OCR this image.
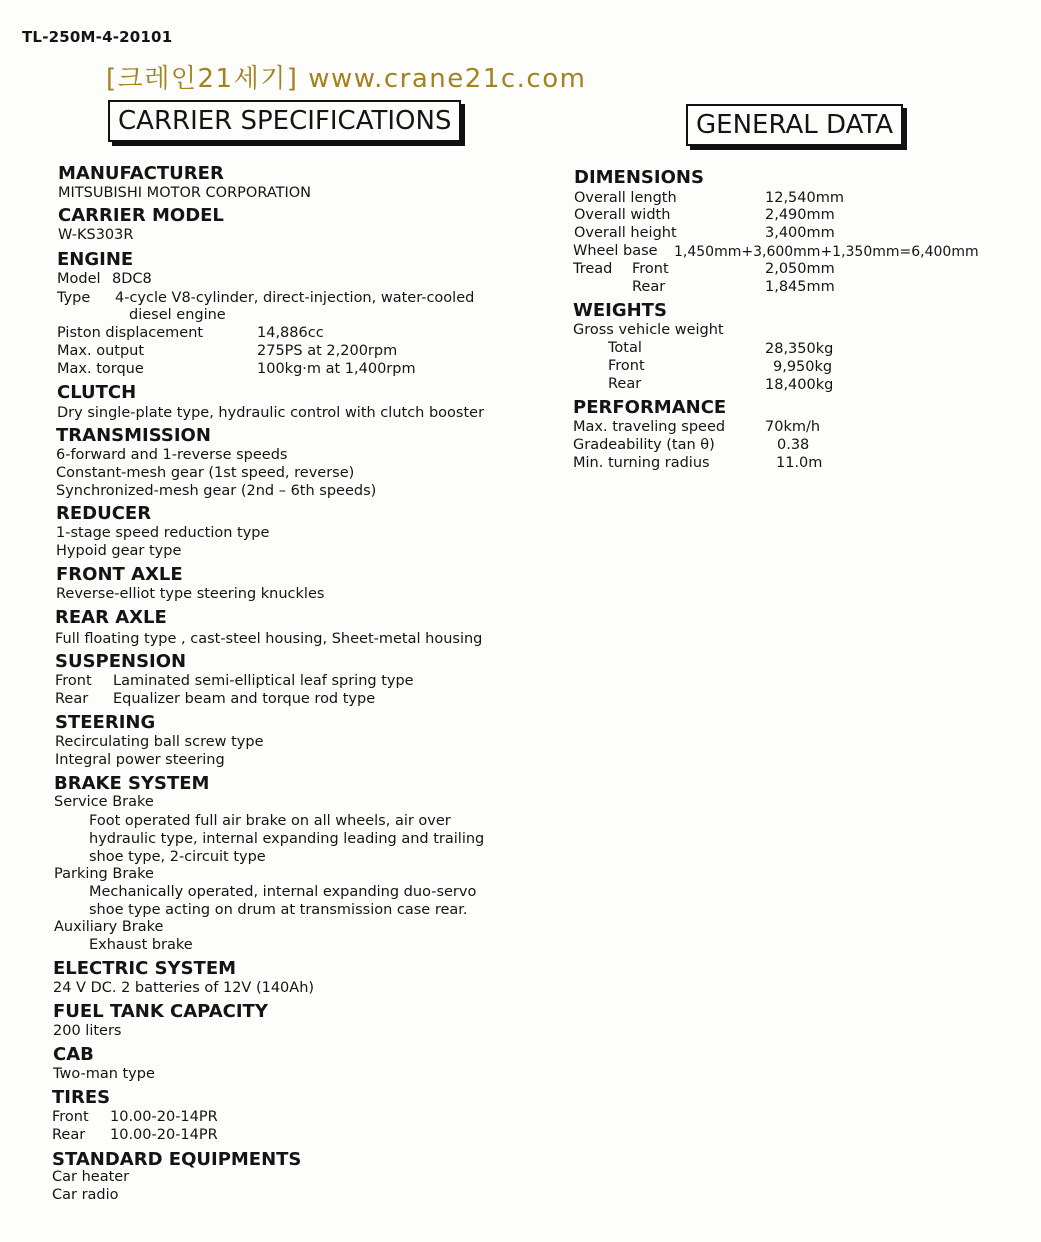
TL-250M-4-20101
[크레인21세기] www.crane21c.com
CARRIER SPECIFICATIONS	GENERAL DATA
MANUFACTURER
MITSUBISHI MOTOR CORPORATION
CARRIER MODEL
W-KS303R
ENGINE
Model 8DC8
Type 4-cycle V8-cylinder, direct-injection, water-cooled
diesel engine
Piston displacement	14,886cc
Max. output	275PS at 2,200rpm
Max. torque	100kg·m at 1,400rpm
CLUTCH
Dry single-plate type, hydraulic control with clutch booster
TRANSMISSION
6-forward and 1-reverse speeds
Constant-mesh gear (1st speed, reverse)
Synchronized-mesh gear (2nd – 6th speeds)
REDUCER
1-stage speed reduction type
Hypoid gear type
FRONT AXLE
Reverse-elliot type steering knuckles
REAR AXLE
Full floating type , cast-steel housing, Sheet-metal housing
SUSPENSION
Front Laminated semi-elliptical leaf spring type
Rear Equalizer beam and torque rod type
STEERING
Recirculating ball screw type
Integral power steering
BRAKE SYSTEM
Service Brake
Foot operated full air brake on all wheels, air over
hydraulic type, internal expanding leading and trailing
shoe type, 2-circuit type
Parking Brake
Mechanically operated, internal expanding duo-servo
shoe type acting on drum at transmission case rear.
Auxiliary Brake
Exhaust brake
ELECTRIC SYSTEM
24 V DC. 2 batteries of 12V (140Ah)
FUEL TANK CAPACITY
200 liters
CAB
Two-man type
TIRES
Front 10.00-20-14PR
Rear 10.00-20-14PR
STANDARD EQUIPMENTS
Car heater
Car radio
DIMENSIONS
Overall length	12,540mm
Overall width	2,490mm
Overall height	3,400mm
Wheel base 1,450mm+3,600mm+1,350mm=6,400mm
Tread Front	2,050mm
Rear	1,845mm
WEIGHTS
Gross vehicle weight
Total	28,350kg
Front	9,950kg
Rear	18,400kg
PERFORMANCE
Max. traveling speed	70km/h
Gradeability (tan θ)	0.38
Min. turning radius	11.0m
